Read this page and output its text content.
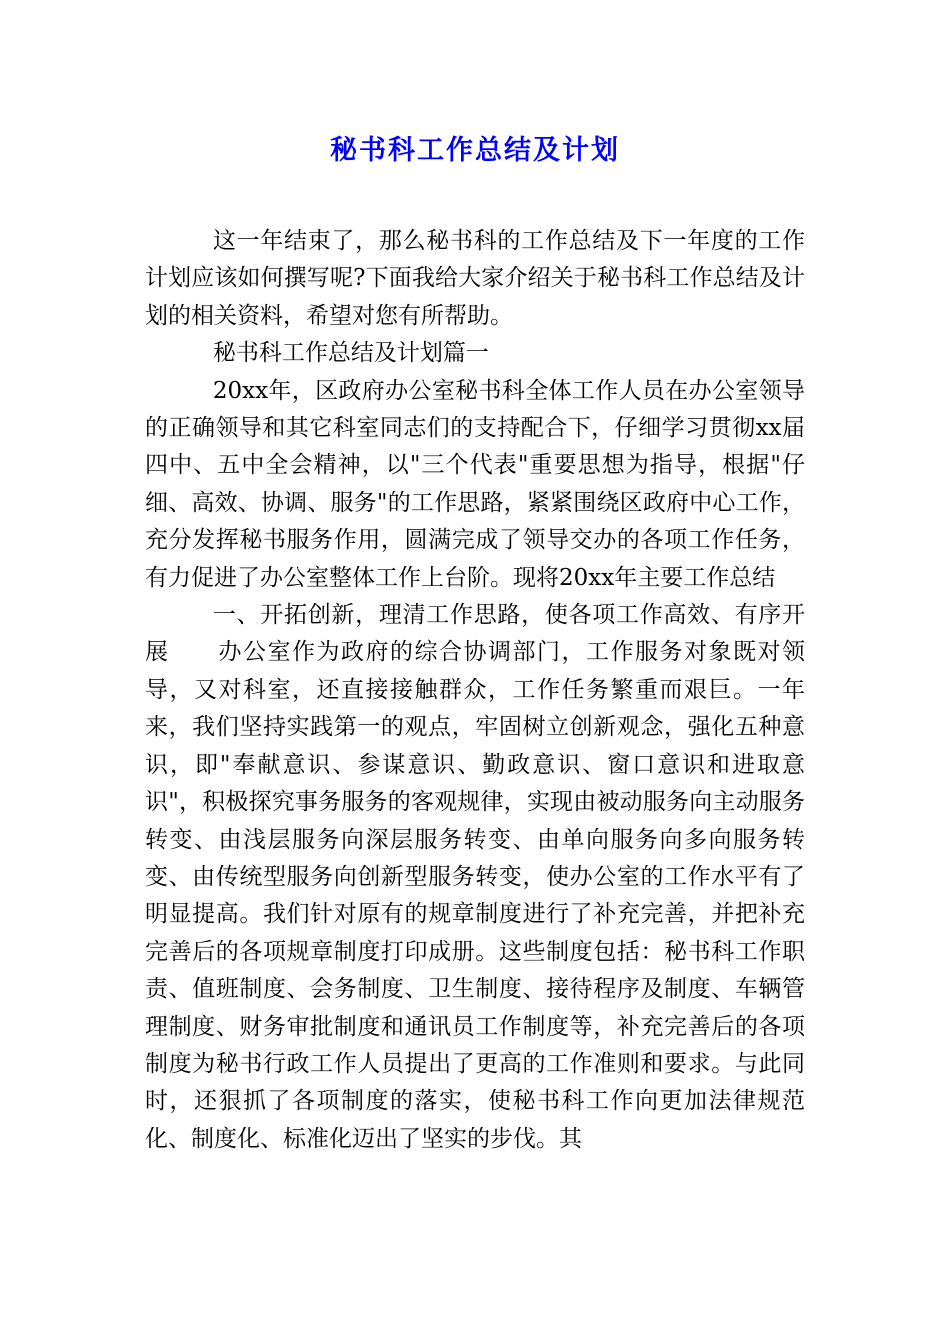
秘书科工作总结及计划

这一年结束了，那么秘书科的工作总结及下一年度的工作计划应该如何撰写呢?下面我给大家介绍关于秘书科工作总结及计划的相关资料，希望对您有所帮助。

秘书科工作总结及计划篇一

20xx年，区政府办公室秘书科全体工作人员在办公室领导的正确领导和其它科室同志们的支持配合下，仔细学习贯彻xx届四中、五中全会精神，以"三个代表"重要思想为指导，根据"仔细、高效、协调、服务"的工作思路，紧紧围绕区政府中心工作，充分发挥秘书服务作用，圆满完成了领导交办的各项工作任务，有力促进了办公室整体工作上台阶。现将20xx年主要工作总结

一、开拓创新，理清工作思路，使各项工作高效、有序开展　　办公室作为政府的综合协调部门，工作服务对象既对领导，又对科室，还直接接触群众，工作任务繁重而艰巨。一年来，我们坚持实践第一的观点，牢固树立创新观念，强化五种意识，即"奉献意识、参谋意识、勤政意识、窗口意识和进取意识"，积极探究事务服务的客观规律，实现由被动服务向主动服务转变、由浅层服务向深层服务转变、由单向服务向多向服务转变、由传统型服务向创新型服务转变，使办公室的工作水平有了明显提高。我们针对原有的规章制度进行了补充完善，并把补充完善后的各项规章制度打印成册。这些制度包括：秘书科工作职责、值班制度、会务制度、卫生制度、接待程序及制度、车辆管理制度、财务审批制度和通讯员工作制度等，补充完善后的各项制度为秘书行政工作人员提出了更高的工作准则和要求。与此同时，还狠抓了各项制度的落实，使秘书科工作向更加法律规范化、制度化、标准化迈出了坚实的步伐。其
